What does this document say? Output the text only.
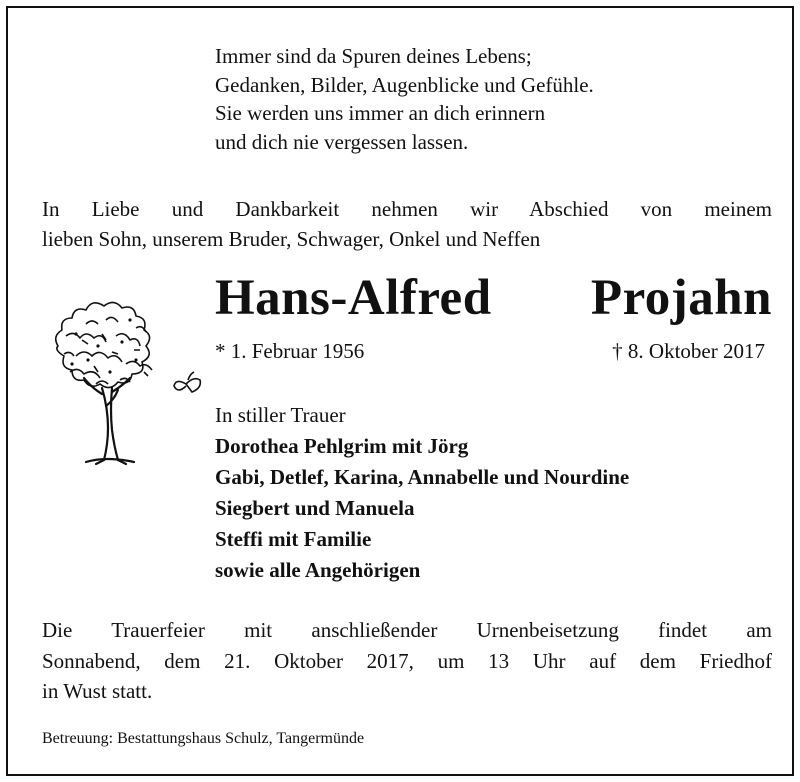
Immer sind da Spuren deines Lebens;
Gedanken, Bilder, Augenblicke und Gefühle.
Sie werden uns immer an dich erinnern
und dich nie vergessen lassen.
In Liebe und Dankbarkeit nehmen wir Abschied von meinem
lieben Sohn, unserem Bruder, Schwager, Onkel und Neffen
Hans-Alfred Projahn
* 1. Februar 1956	† 8. Oktober 2017
In stiller Trauer
Dorothea Pehlgrim mit Jörg
Gabi, Detlef, Karina, Annabelle und Nourdine
Siegbert und Manuela
Steffi mit Familie
sowie alle Angehörigen
Die Trauerfeier mit anschließender Urnenbeisetzung findet am
Sonnabend, dem 21. Oktober 2017, um 13 Uhr auf dem Friedhof
in Wust statt.
Betreuung: Bestattungshaus Schulz, Tangermünde
